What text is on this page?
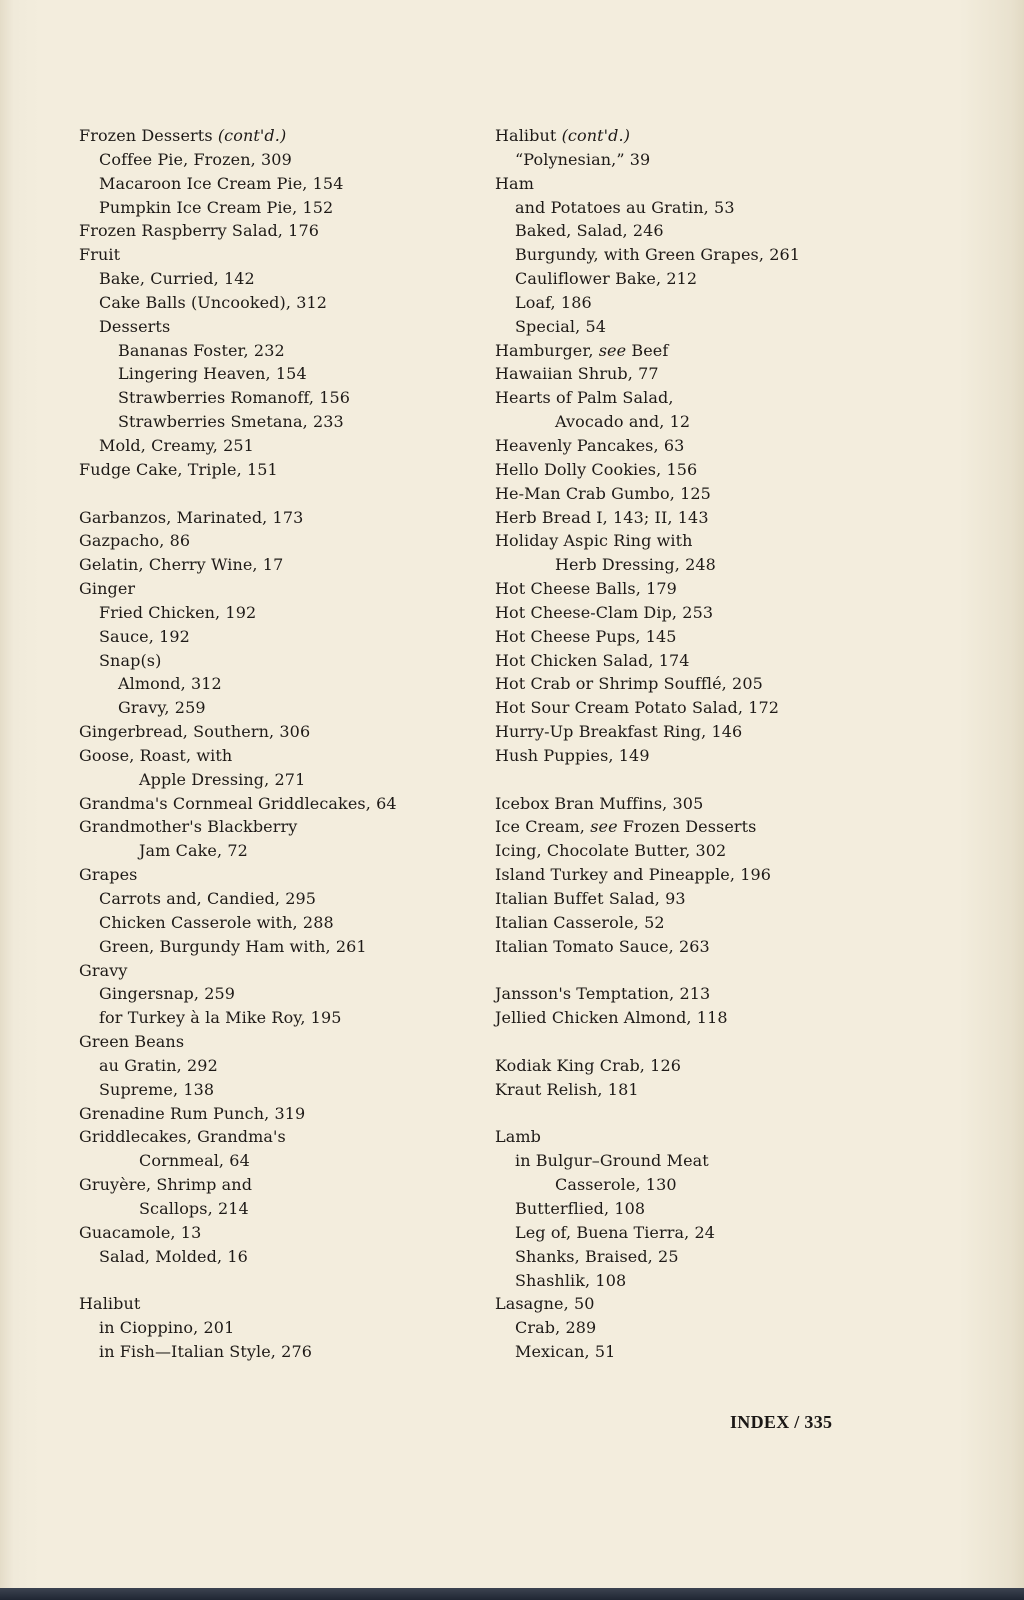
Frozen Desserts (cont'd.)
Coffee Pie, Frozen, 309
Macaroon Ice Cream Pie, 154
Pumpkin Ice Cream Pie, 152
Frozen Raspberry Salad, 176
Fruit
Bake, Curried, 142
Cake Balls (Uncooked), 312
Desserts
Bananas Foster, 232
Lingering Heaven, 154
Strawberries Romanoff, 156
Strawberries Smetana, 233
Mold, Creamy, 251
Fudge Cake, Triple, 151
Garbanzos, Marinated, 173
Gazpacho, 86
Gelatin, Cherry Wine, 17
Ginger
Fried Chicken, 192
Sauce, 192
Snap(s)
Almond, 312
Gravy, 259
Gingerbread, Southern, 306
Goose, Roast, with
Apple Dressing, 271
Grandma's Cornmeal Griddlecakes, 64
Grandmother's Blackberry
Jam Cake, 72
Grapes
Carrots and, Candied, 295
Chicken Casserole with, 288
Green, Burgundy Ham with, 261
Gravy
Gingersnap, 259
for Turkey à la Mike Roy, 195
Green Beans
au Gratin, 292
Supreme, 138
Grenadine Rum Punch, 319
Griddlecakes, Grandma's
Cornmeal, 64
Gruyère, Shrimp and
Scallops, 214
Guacamole, 13
Salad, Molded, 16
Halibut
in Cioppino, 201
in Fish—Italian Style, 276
Halibut (cont'd.)
“Polynesian,” 39
Ham
and Potatoes au Gratin, 53
Baked, Salad, 246
Burgundy, with Green Grapes, 261
Cauliflower Bake, 212
Loaf, 186
Special, 54
Hamburger, see Beef
Hawaiian Shrub, 77
Hearts of Palm Salad,
Avocado and, 12
Heavenly Pancakes, 63
Hello Dolly Cookies, 156
He-Man Crab Gumbo, 125
Herb Bread I, 143; II, 143
Holiday Aspic Ring with
Herb Dressing, 248
Hot Cheese Balls, 179
Hot Cheese-Clam Dip, 253
Hot Cheese Pups, 145
Hot Chicken Salad, 174
Hot Crab or Shrimp Soufflé, 205
Hot Sour Cream Potato Salad, 172
Hurry-Up Breakfast Ring, 146
Hush Puppies, 149
Icebox Bran Muffins, 305
Ice Cream, see Frozen Desserts
Icing, Chocolate Butter, 302
Island Turkey and Pineapple, 196
Italian Buffet Salad, 93
Italian Casserole, 52
Italian Tomato Sauce, 263
Jansson's Temptation, 213
Jellied Chicken Almond, 118
Kodiak King Crab, 126
Kraut Relish, 181
Lamb
in Bulgur–Ground Meat
Casserole, 130
Butterflied, 108
Leg of, Buena Tierra, 24
Shanks, Braised, 25
Shashlik, 108
Lasagne, 50
Crab, 289
Mexican, 51
INDEX / 335
